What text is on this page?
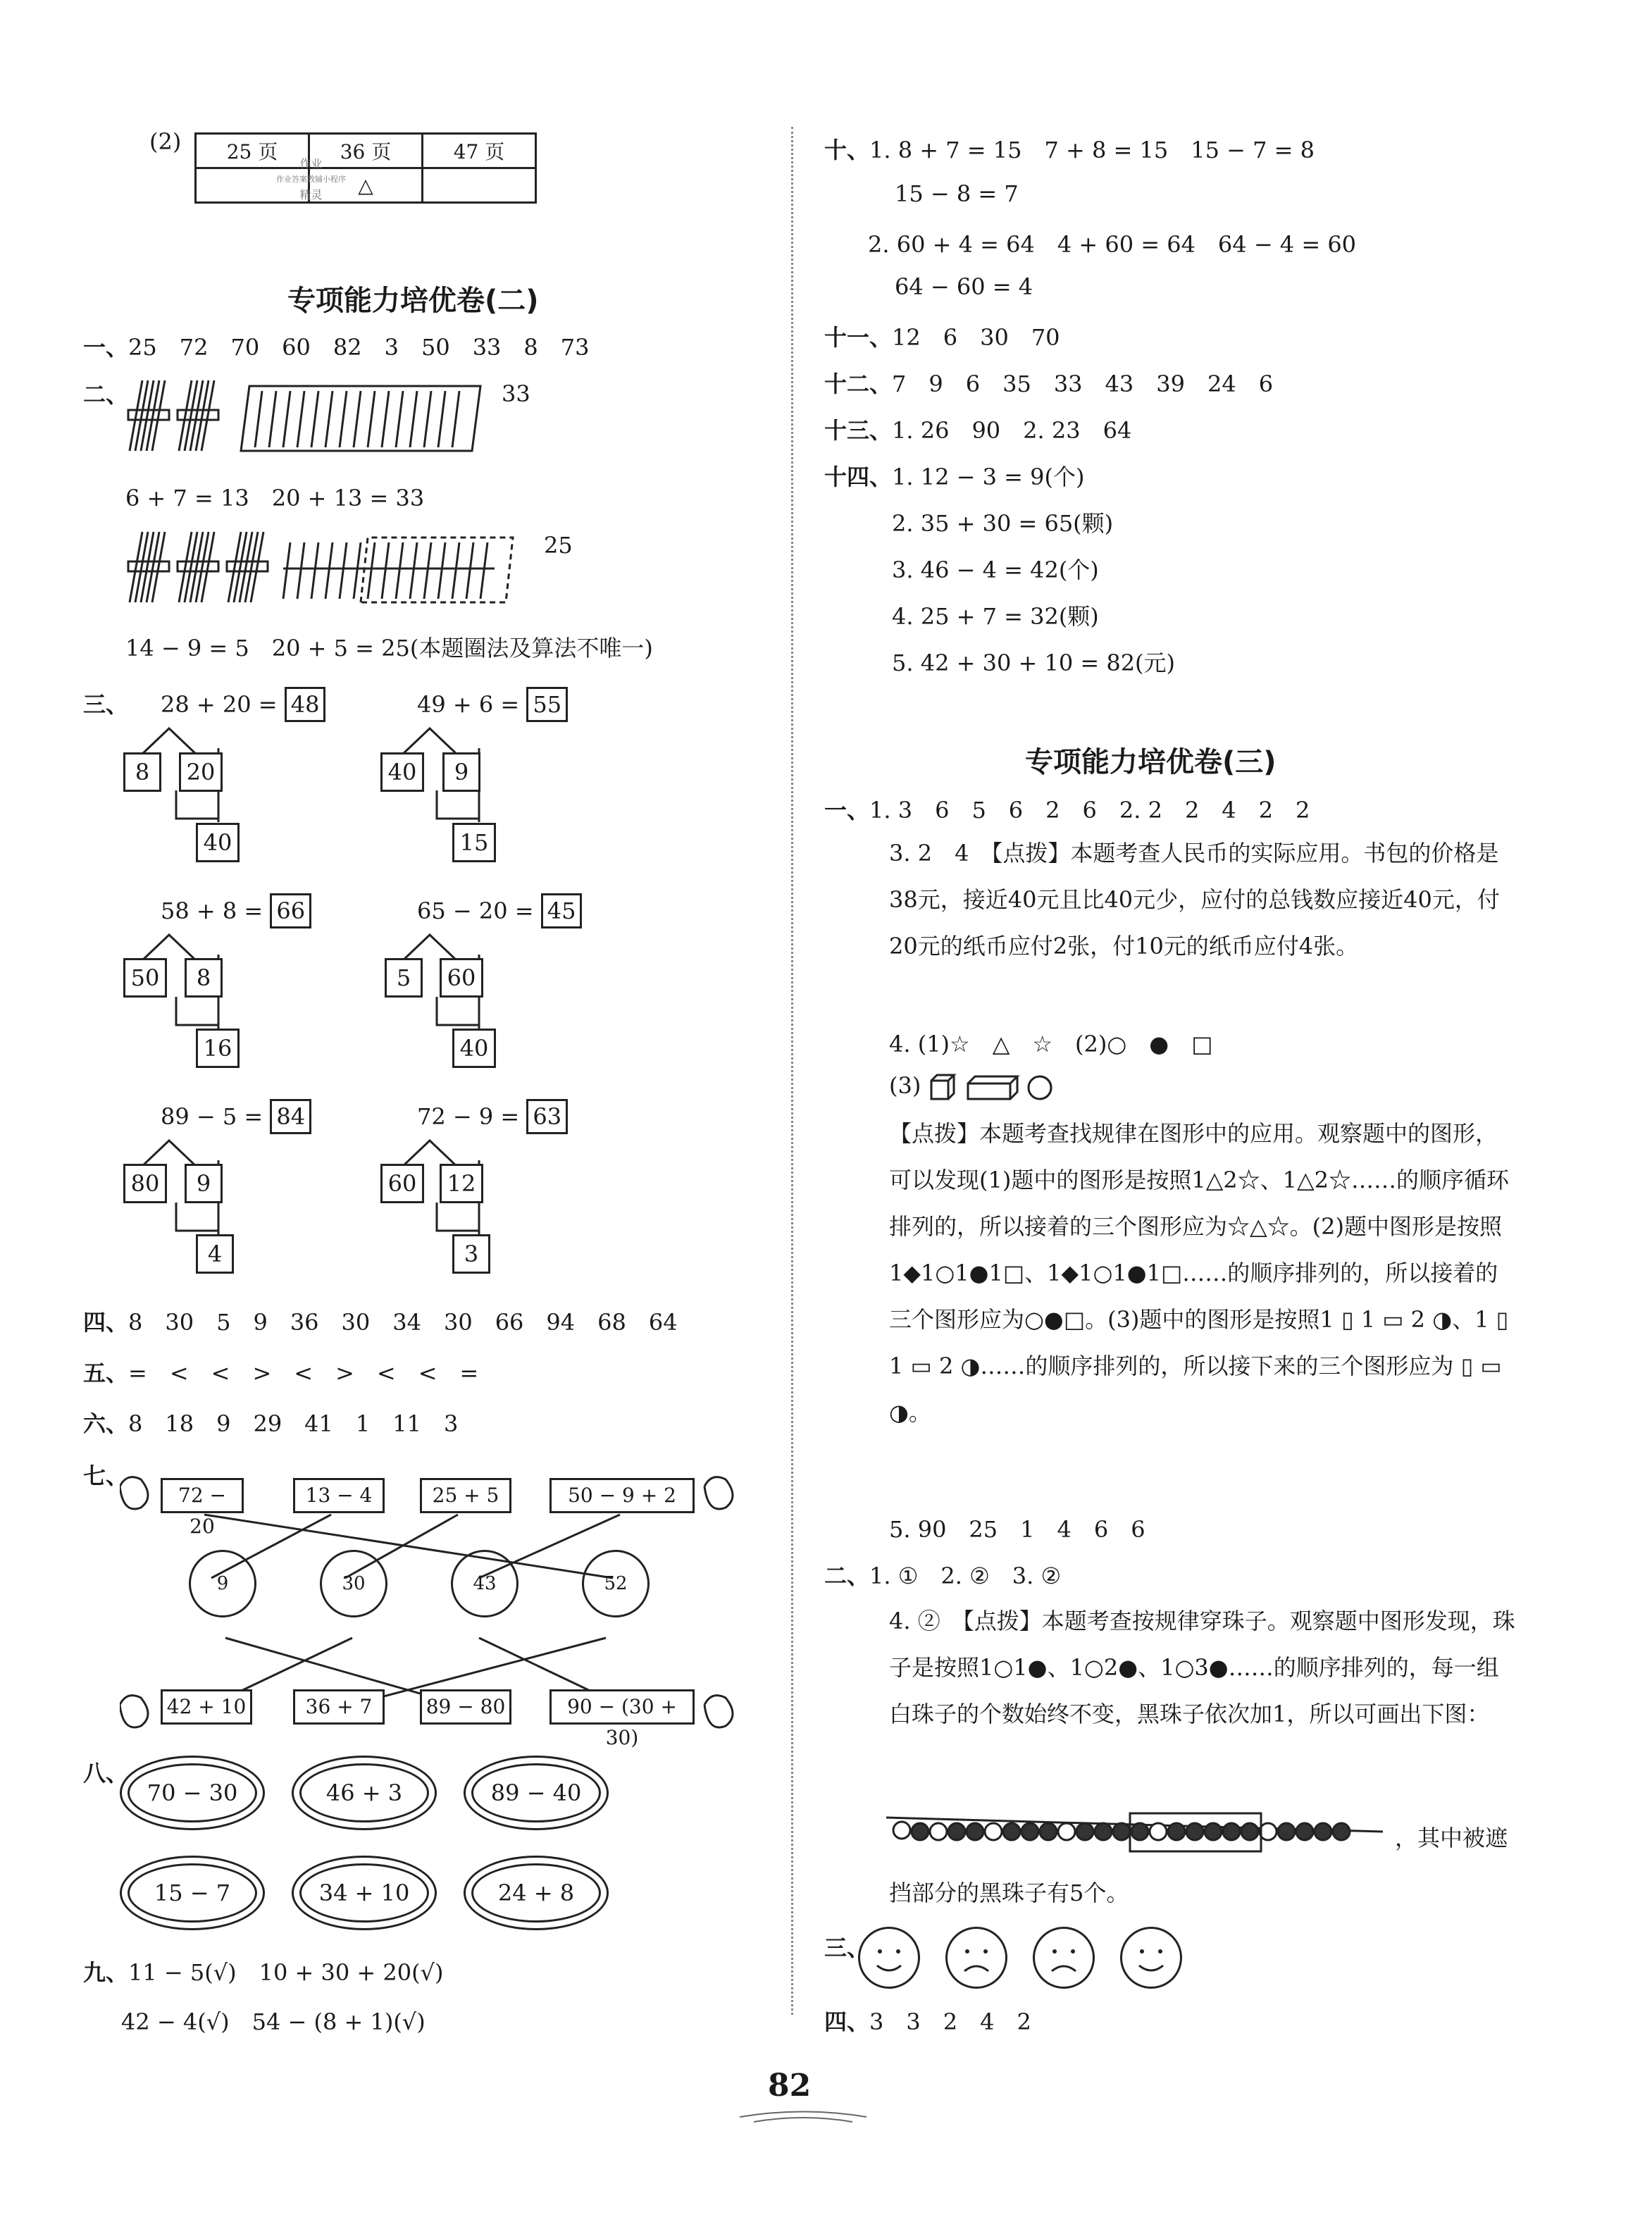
(2) 25 页	36 页	47 页
	△	
作业
作业答案教辅小程序
精灵
专项能力培优卷(二)
一、25　72　70　60　82　3　50　33　8　73
二、	33
6 + 7 = 13　20 + 13 = 33
25
14 − 9 = 5　20 + 5 = 25(本题圈法及算法不唯一)
三、 28 + 20 = 48
8	20
40
49 + 6 = 55
40	9
15
58 + 8 = 66
50	8
16
65 − 20 = 45
5	60
40
89 − 5 = 84
80	9
4
72 − 9 = 63
60	12
3
四、8　30　5　9　36　30　34　30　66　94　68　64
五、=　<　<　>　<　>　<　<　=
六、8　18　9　29　41　1　11　3
七、
72 − 20
13 − 4	25 + 5	50 − 9 + 2
9	30	43	52
42 + 10	36 + 7	89 − 80	90 − (30 + 30)
八、
70 − 30	46 + 3	89 − 40
15 − 7	34 + 10	24 + 8
九、11 − 5(√)　10 + 30 + 20(√)
42 − 4(√)　54 − (8 + 1)(√)
十、1. 8 + 7 = 15　7 + 8 = 15　15 − 7 = 8
15 − 8 = 7
2. 60 + 4 = 64　4 + 60 = 64　64 − 4 = 60
64 − 60 = 4
十一、12　6　30　70
十二、7　9　6　35　33　43　39　24　6
十三、1. 26　90　2. 23　64
十四、1. 12 − 3 = 9(个)
2. 35 + 30 = 65(颗)
3. 46 − 4 = 42(个)
4. 25 + 7 = 32(颗)
5. 42 + 30 + 10 = 82(元)
专项能力培优卷(三)
一、1. 3　6　5　6　2　6　2. 2　2　4　2　2
3. 2　4　【点拨】本题考查人民币的实际应用。书包的价格是38元，接近40元且比40元少，应付的总钱数应接近40元，付20元的纸币应付2张，付10元的纸币应付4张。
4. (1)☆　△　☆　(2)○　●　□
(3)
【点拨】本题考查找规律在图形中的应用。观察题中的图形，可以发现(1)题中的图形是按照1△2☆、1△2☆……的顺序循环排列的，所以接着的三个图形应为☆△☆。(2)题中图形是按照1◆1○1●1□、1◆1○1●1□……的顺序排列的，所以接着的三个图形应为○●□。(3)题中的图形是按照1 ▯ 1 ▭ 2 ◑、1 ▯ 1 ▭ 2 ◑……的顺序排列的，所以接下来的三个图形应为 ▯ ▭ ◑。
5. 90　25　1　4　6　6
二、1. ①　2. ②　3. ②
4. ②　【点拨】本题考查按规律穿珠子。观察题中图形发现，珠子是按照1○1●、1○2●、1○3●……的顺序排列的，每一组白珠子的个数始终不变，黑珠子依次加1，所以可画出下图：
，其中被遮
挡部分的黑珠子有5个。
三、
四、3　3　2　4　2
82
